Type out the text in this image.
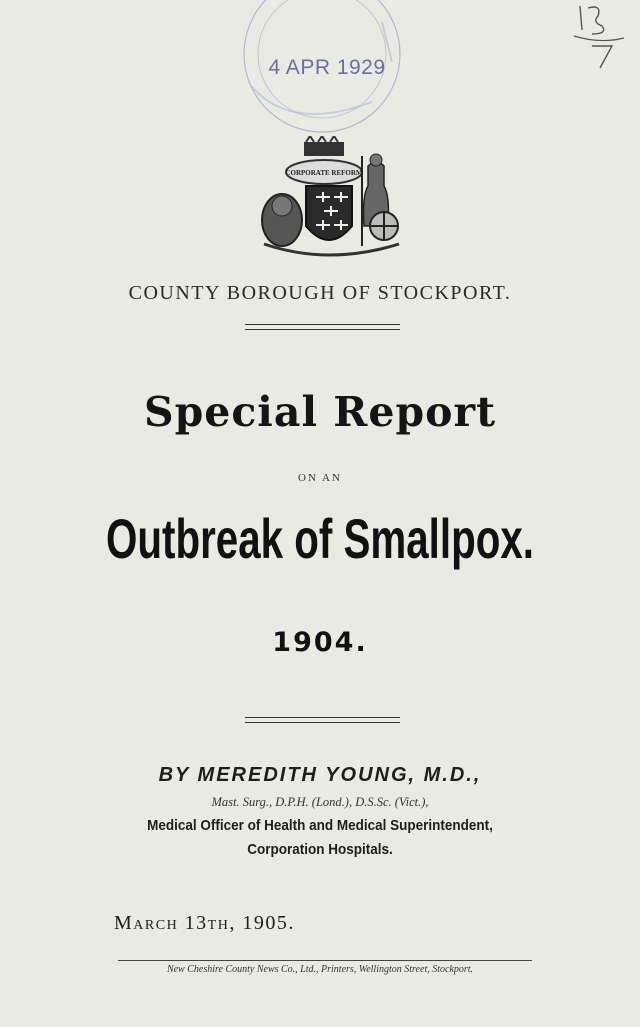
4 APR 1929
CORPORATE REFORM
COUNTY BOROUGH OF STOCKPORT.
Special Report
ON AN
Outbreak of Smallpox.
1904.
BY MEREDITH YOUNG, M.D.,
Mast. Surg., D.P.H. (Lond.), D.S.Sc. (Vict.),
Medical Officer of Health and Medical Superintendent,
Corporation Hospitals.
March 13th, 1905.
New Cheshire County News Co., Ltd., Printers, Wellington Street, Stockport.
